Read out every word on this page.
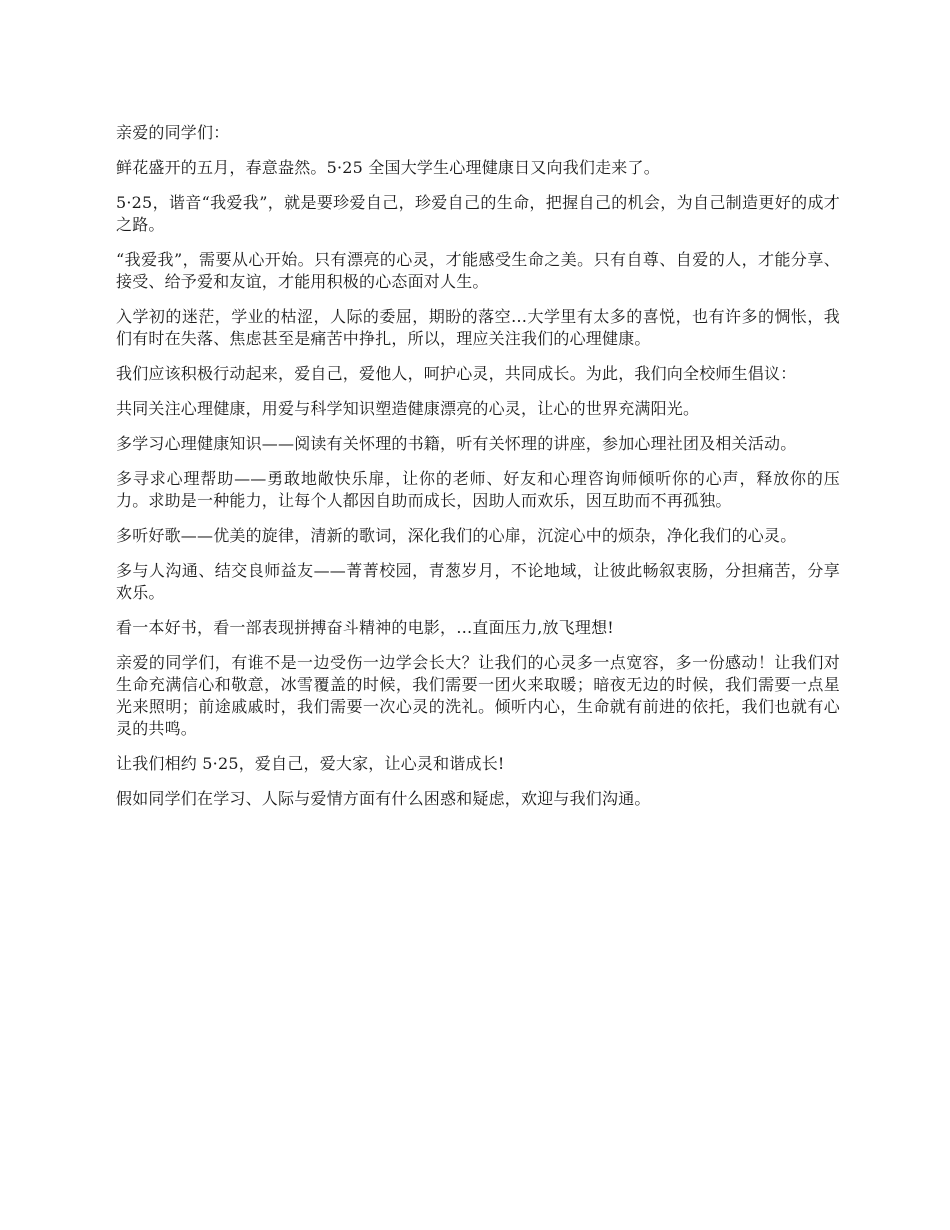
亲爱的同学们：

鲜花盛开的五月，春意盎然。5·25 全国大学生心理健康日又向我们走来了。

5·25，谐音“我爱我”，就是要珍爱自己，珍爱自己的生命，把握自己的机会，为自己制造更好的成才之路。

“我爱我”，需要从心开始。只有漂亮的心灵，才能感受生命之美。只有自尊、自爱的人，才能分享、接受、给予爱和友谊，才能用积极的心态面对人生。

入学初的迷茫，学业的枯涩，人际的委屈，期盼的落空…大学里有太多的喜悦，也有许多的惆怅，我们有时在失落、焦虑甚至是痛苦中挣扎，所以，理应关注我们的心理健康。

我们应该积极行动起来，爱自己，爱他人，呵护心灵，共同成长。为此，我们向全校师生倡议：

共同关注心理健康，用爱与科学知识塑造健康漂亮的心灵，让心的世界充满阳光。

多学习心理健康知识——阅读有关怀理的书籍，听有关怀理的讲座，参加心理社团及相关活动。

多寻求心理帮助——勇敢地敞快乐扉，让你的老师、好友和心理咨询师倾听你的心声，释放你的压力。求助是一种能力，让每个人都因自助而成长，因助人而欢乐，因互助而不再孤独。

多听好歌——优美的旋律，清新的歌词，深化我们的心扉，沉淀心中的烦杂，净化我们的心灵。

多与人沟通、结交良师益友——菁菁校园，青葱岁月，不论地域，让彼此畅叙衷肠，分担痛苦，分享欢乐。

看一本好书，看一部表现拼搏奋斗精神的电影，…直面压力,放飞理想!

亲爱的同学们，有谁不是一边受伤一边学会长大？让我们的心灵多一点宽容，多一份感动！让我们对生命充满信心和敬意，冰雪覆盖的时候，我们需要一团火来取暖；暗夜无边的时候，我们需要一点星光来照明；前途戚戚时，我们需要一次心灵的洗礼。倾听内心，生命就有前进的依托，我们也就有心灵的共鸣。

让我们相约 5·25，爱自己，爱大家，让心灵和谐成长!

假如同学们在学习、人际与爱情方面有什么困惑和疑虑，欢迎与我们沟通。
